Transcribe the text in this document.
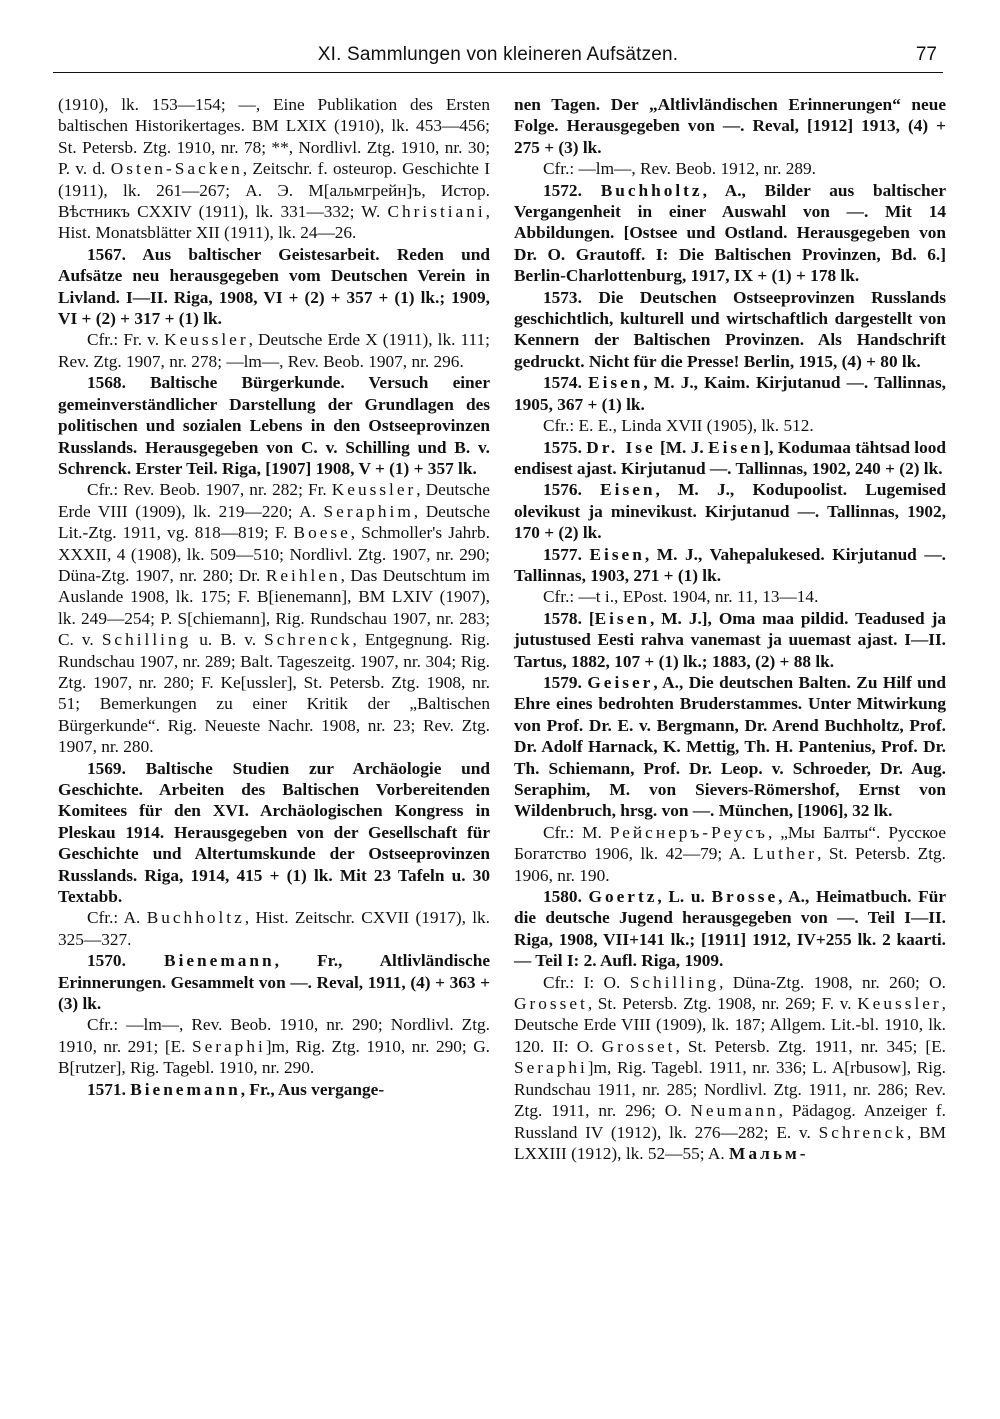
XI. Sammlungen von kleineren Aufsätzen.	77

(1910), lk. 153—154; —, Eine Publikation des Ersten baltischen Historikertages. BM LXIX (1910), lk. 453—456; St. Petersb. Ztg. 1910, nr. 78; **, Nordlivl. Ztg. 1910, nr. 30; P. v. d. Osten-Sacken, Zeitschr. f. osteurop. Geschichte I (1911), lk. 261—267; А. Э. М[альмгрейн]ъ, Истор. Вѣстникъ CXXIV (1911), lk. 331—332; W. Christiani, Hist. Monatsblätter XII (1911), lk. 24—26.

1567. Aus baltischer Geistesarbeit. Reden und Aufsätze neu herausgegeben vom Deutschen Verein in Livland. I—II. Riga, 1908, VI + (2) + 357 + (1) lk.; 1909, VI + (2) + 317 + (1) lk.

Cfr.: Fr. v. Keussler, Deutsche Erde X (1911), lk. 111; Rev. Ztg. 1907, nr. 278; —lm—, Rev. Beob. 1907, nr. 296.

1568. Baltische Bürgerkunde. Versuch einer gemeinverständlicher Darstellung der Grundlagen des politischen und sozialen Lebens in den Ostseeprovinzen Russlands. Herausgegeben von C. v. Schilling und B. v. Schrenck. Erster Teil. Riga, [1907] 1908, V + (1) + 357 lk.

Cfr.: Rev. Beob. 1907, nr. 282; Fr. Keussler, Deutsche Erde VIII (1909), lk. 219—220; A. Seraphim, Deutsche Lit.-Ztg. 1911, vg. 818—819; F. Boese, Schmoller's Jahrb. XXXII, 4 (1908), lk. 509—510; Nordlivl. Ztg. 1907, nr. 290; Düna-Ztg. 1907, nr. 280; Dr. Reihlen, Das Deutschtum im Auslande 1908, lk. 175; F. B[ienemann], BM LXIV (1907), lk. 249—254; P. S[chiemann], Rig. Rundschau 1907, nr. 283; C. v. Schilling u. B. v. Schrenck, Entgegnung. Rig. Rundschau 1907, nr. 289; Balt. Tageszeitg. 1907, nr. 304; Rig. Ztg. 1907, nr. 280; F. Ke[ussler], St. Petersb. Ztg. 1908, nr. 51; Bemerkungen zu einer Kritik der „Baltischen Bürgerkunde“. Rig. Neueste Nachr. 1908, nr. 23; Rev. Ztg. 1907, nr. 280.

1569. Baltische Studien zur Archäologie und Geschichte. Arbeiten des Baltischen Vorbereitenden Komitees für den XVI. Archäologischen Kongress in Pleskau 1914. Herausgegeben von der Gesellschaft für Geschichte und Altertumskunde der Ostseeprovinzen Russlands. Riga, 1914, 415 + (1) lk. Mit 23 Tafeln u. 30 Textabb.

Cfr.: A. Buchholtz, Hist. Zeitschr. CXVII (1917), lk. 325—327.

1570. Bienemann, Fr., Altlivländische Erinnerungen. Gesammelt von —. Reval, 1911, (4) + 363 + (3) lk.

Cfr.: —lm—, Rev. Beob. 1910, nr. 290; Nordlivl. Ztg. 1910, nr. 291; [E. Seraphi]m, Rig. Ztg. 1910, nr. 290; G. B[rutzer], Rig. Tagebl. 1910, nr. 290.

1571. Bienemann, Fr., Aus vergange-

nen Tagen. Der „Altlivländischen Erinnerungen“ neue Folge. Herausgegeben von —. Reval, [1912] 1913, (4) + 275 + (3) lk.

Cfr.: —lm—, Rev. Beob. 1912, nr. 289.

1572. Buchholtz, A., Bilder aus baltischer Vergangenheit in einer Auswahl von —. Mit 14 Abbildungen. [Ostsee und Ostland. Herausgegeben von Dr. O. Grautoff. I: Die Baltischen Provinzen, Bd. 6.] Berlin-Charlottenburg, 1917, IX + (1) + 178 lk.

1573. Die Deutschen Ostseeprovinzen Russlands geschichtlich, kulturell und wirtschaftlich dargestellt von Kennern der Baltischen Provinzen. Als Handschrift gedruckt. Nicht für die Presse! Berlin, 1915, (4) + 80 lk.

1574. Eisen, M. J., Kaim. Kirjutanud —. Tallinnas, 1905, 367 + (1) lk.

Cfr.: E. E., Linda XVII (1905), lk. 512.

1575. Dr. Ise [M. J. Eisen], Kodumaa tähtsad lood endisest ajast. Kirjutanud —. Tallinnas, 1902, 240 + (2) lk.

1576. Eisen, M. J., Kodupoolist. Lugemised olevikust ja minevikust. Kirjutanud —. Tallinnas, 1902, 170 + (2) lk.

1577. Eisen, M. J., Vahepalukesed. Kirjutanud —. Tallinnas, 1903, 271 + (1) lk.

Cfr.: —t i., EPost. 1904, nr. 11, 13—14.

1578. [Eisen, M. J.], Oma maa pildid. Teadused ja jutustused Eesti rahva vanemast ja uuemast ajast. I—II. Tartus, 1882, 107 + (1) lk.; 1883, (2) + 88 lk.

1579. Geiser, A., Die deutschen Balten. Zu Hilf und Ehre eines bedrohten Bruderstammes. Unter Mitwirkung von Prof. Dr. E. v. Bergmann, Dr. Arend Buchholtz, Prof. Dr. Adolf Harnack, K. Mettig, Th. H. Pantenius, Prof. Dr. Th. Schiemann, Prof. Dr. Leop. v. Schroeder, Dr. Aug. Seraphim, M. von Sievers-Römershof, Ernst von Wildenbruch, hrsg. von —. München, [1906], 32 lk.

Cfr.: М. Рейснеръ-Реусъ, „Мы Балты“. Русское Богатство 1906, lk. 42—79; A. Luther, St. Petersb. Ztg. 1906, nr. 190.

1580. Goertz, L. u. Brosse, A., Heimatbuch. Für die deutsche Jugend herausgegeben von —. Teil I—II. Riga, 1908, VII+141 lk.; [1911] 1912, IV+255 lk. 2 kaarti. — Teil I: 2. Aufl. Riga, 1909.

Cfr.: I: O. Schilling, Düna-Ztg. 1908, nr. 260; O. Grosset, St. Petersb. Ztg. 1908, nr. 269; F. v. Keussler, Deutsche Erde VIII (1909), lk. 187; Allgem. Lit.-bl. 1910, lk. 120. II: O. Grosset, St. Petersb. Ztg. 1911, nr. 345; [E. Seraphi]m, Rig. Tagebl. 1911, nr. 336; L. A[rbusow], Rig. Rundschau 1911, nr. 285; Nordlivl. Ztg. 1911, nr. 286; Rev. Ztg. 1911, nr. 296; O. Neumann, Pädagog. Anzeiger f. Russland IV (1912), lk. 276—282; E. v. Schrenck, BM LXXIII (1912), lk. 52—55; A. Мальм-
